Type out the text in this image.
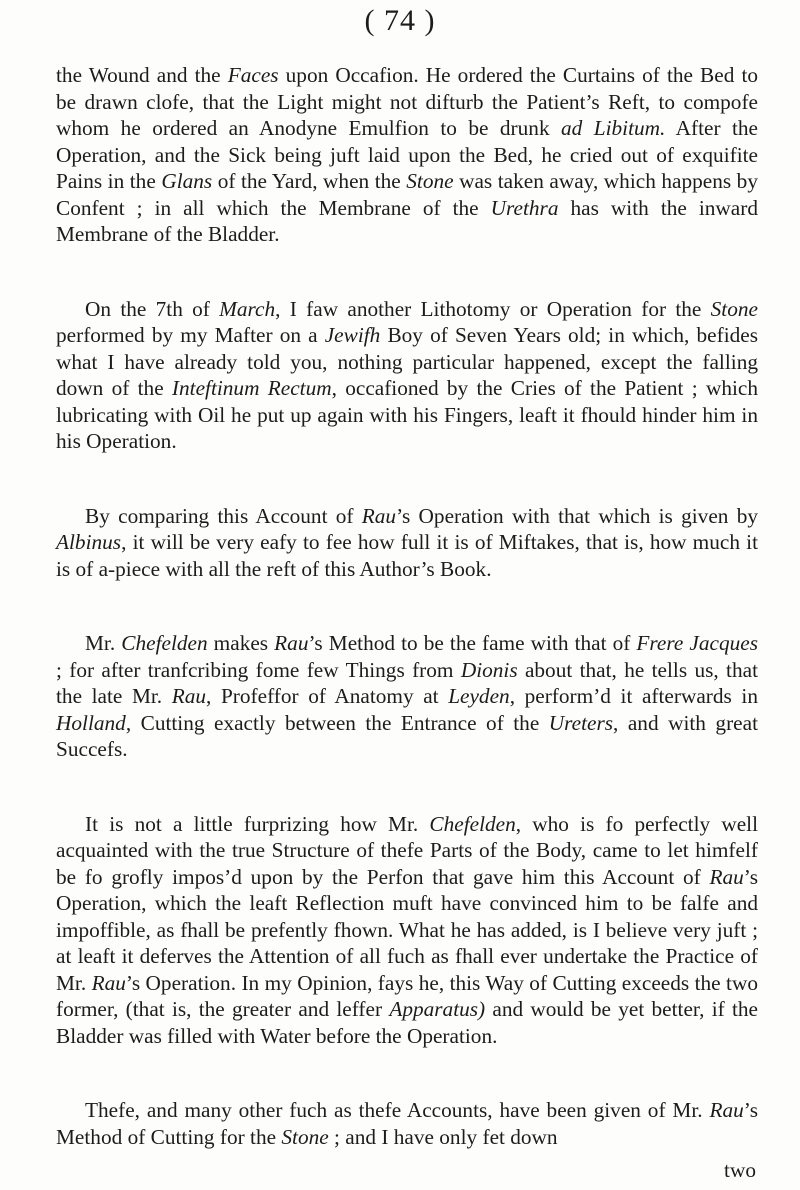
( 74 )

the Wound and the Faces upon Occafion. He ordered the Curtains of the Bed to be drawn clofe, that the Light might not difturb the Patient’s Reft, to compofe whom he ordered an Anodyne Emulfion to be drunk ad Libitum. After the Operation, and the Sick being juft laid upon the Bed, he cried out of exquifite Pains in the Glans of the Yard, when the Stone was taken away, which happens by Confent ; in all which the Membrane of the Urethra has with the inward Membrane of the Bladder.

On the 7th of March, I faw another Lithotomy or Operation for the Stone performed by my Mafter on a Jewifh Boy of Seven Years old; in which, befides what I have already told you, nothing particular happened, except the falling down of the Inteftinum Rectum, occafioned by the Cries of the Patient ; which lubricating with Oil he put up again with his Fingers, leaft it fhould hinder him in his Operation.

By comparing this Account of Rau’s Operation with that which is given by Albinus, it will be very eafy to fee how full it is of Miftakes, that is, how much it is of a-piece with all the reft of this Author’s Book.

Mr. Chefelden makes Rau’s Method to be the fame with that of Frere Jacques ; for after tranfcribing fome few Things from Dionis about that, he tells us, that the late Mr. Rau, Profeffor of Anatomy at Leyden, perform’d it afterwards in Holland, Cutting exactly between the Entrance of the Ureters, and with great Succefs.

It is not a little furprizing how Mr. Chefelden, who is fo perfectly well acquainted with the true Structure of thefe Parts of the Body, came to let himfelf be fo grofly impos’d upon by the Perfon that gave him this Account of Rau’s Operation, which the leaft Reflection muft have convinced him to be falfe and impoffible, as fhall be prefently fhown. What he has added, is I believe very juft ; at leaft it deferves the Attention of all fuch as fhall ever undertake the Practice of Mr. Rau’s Operation. In my Opinion, fays he, this Way of Cutting exceeds the two former, (that is, the greater and leffer Apparatus) and would be yet better, if the Bladder was filled with Water before the Operation.

Thefe, and many other fuch as thefe Accounts, have been given of Mr. Rau’s Method of Cutting for the Stone ; and I have only fet down

two
